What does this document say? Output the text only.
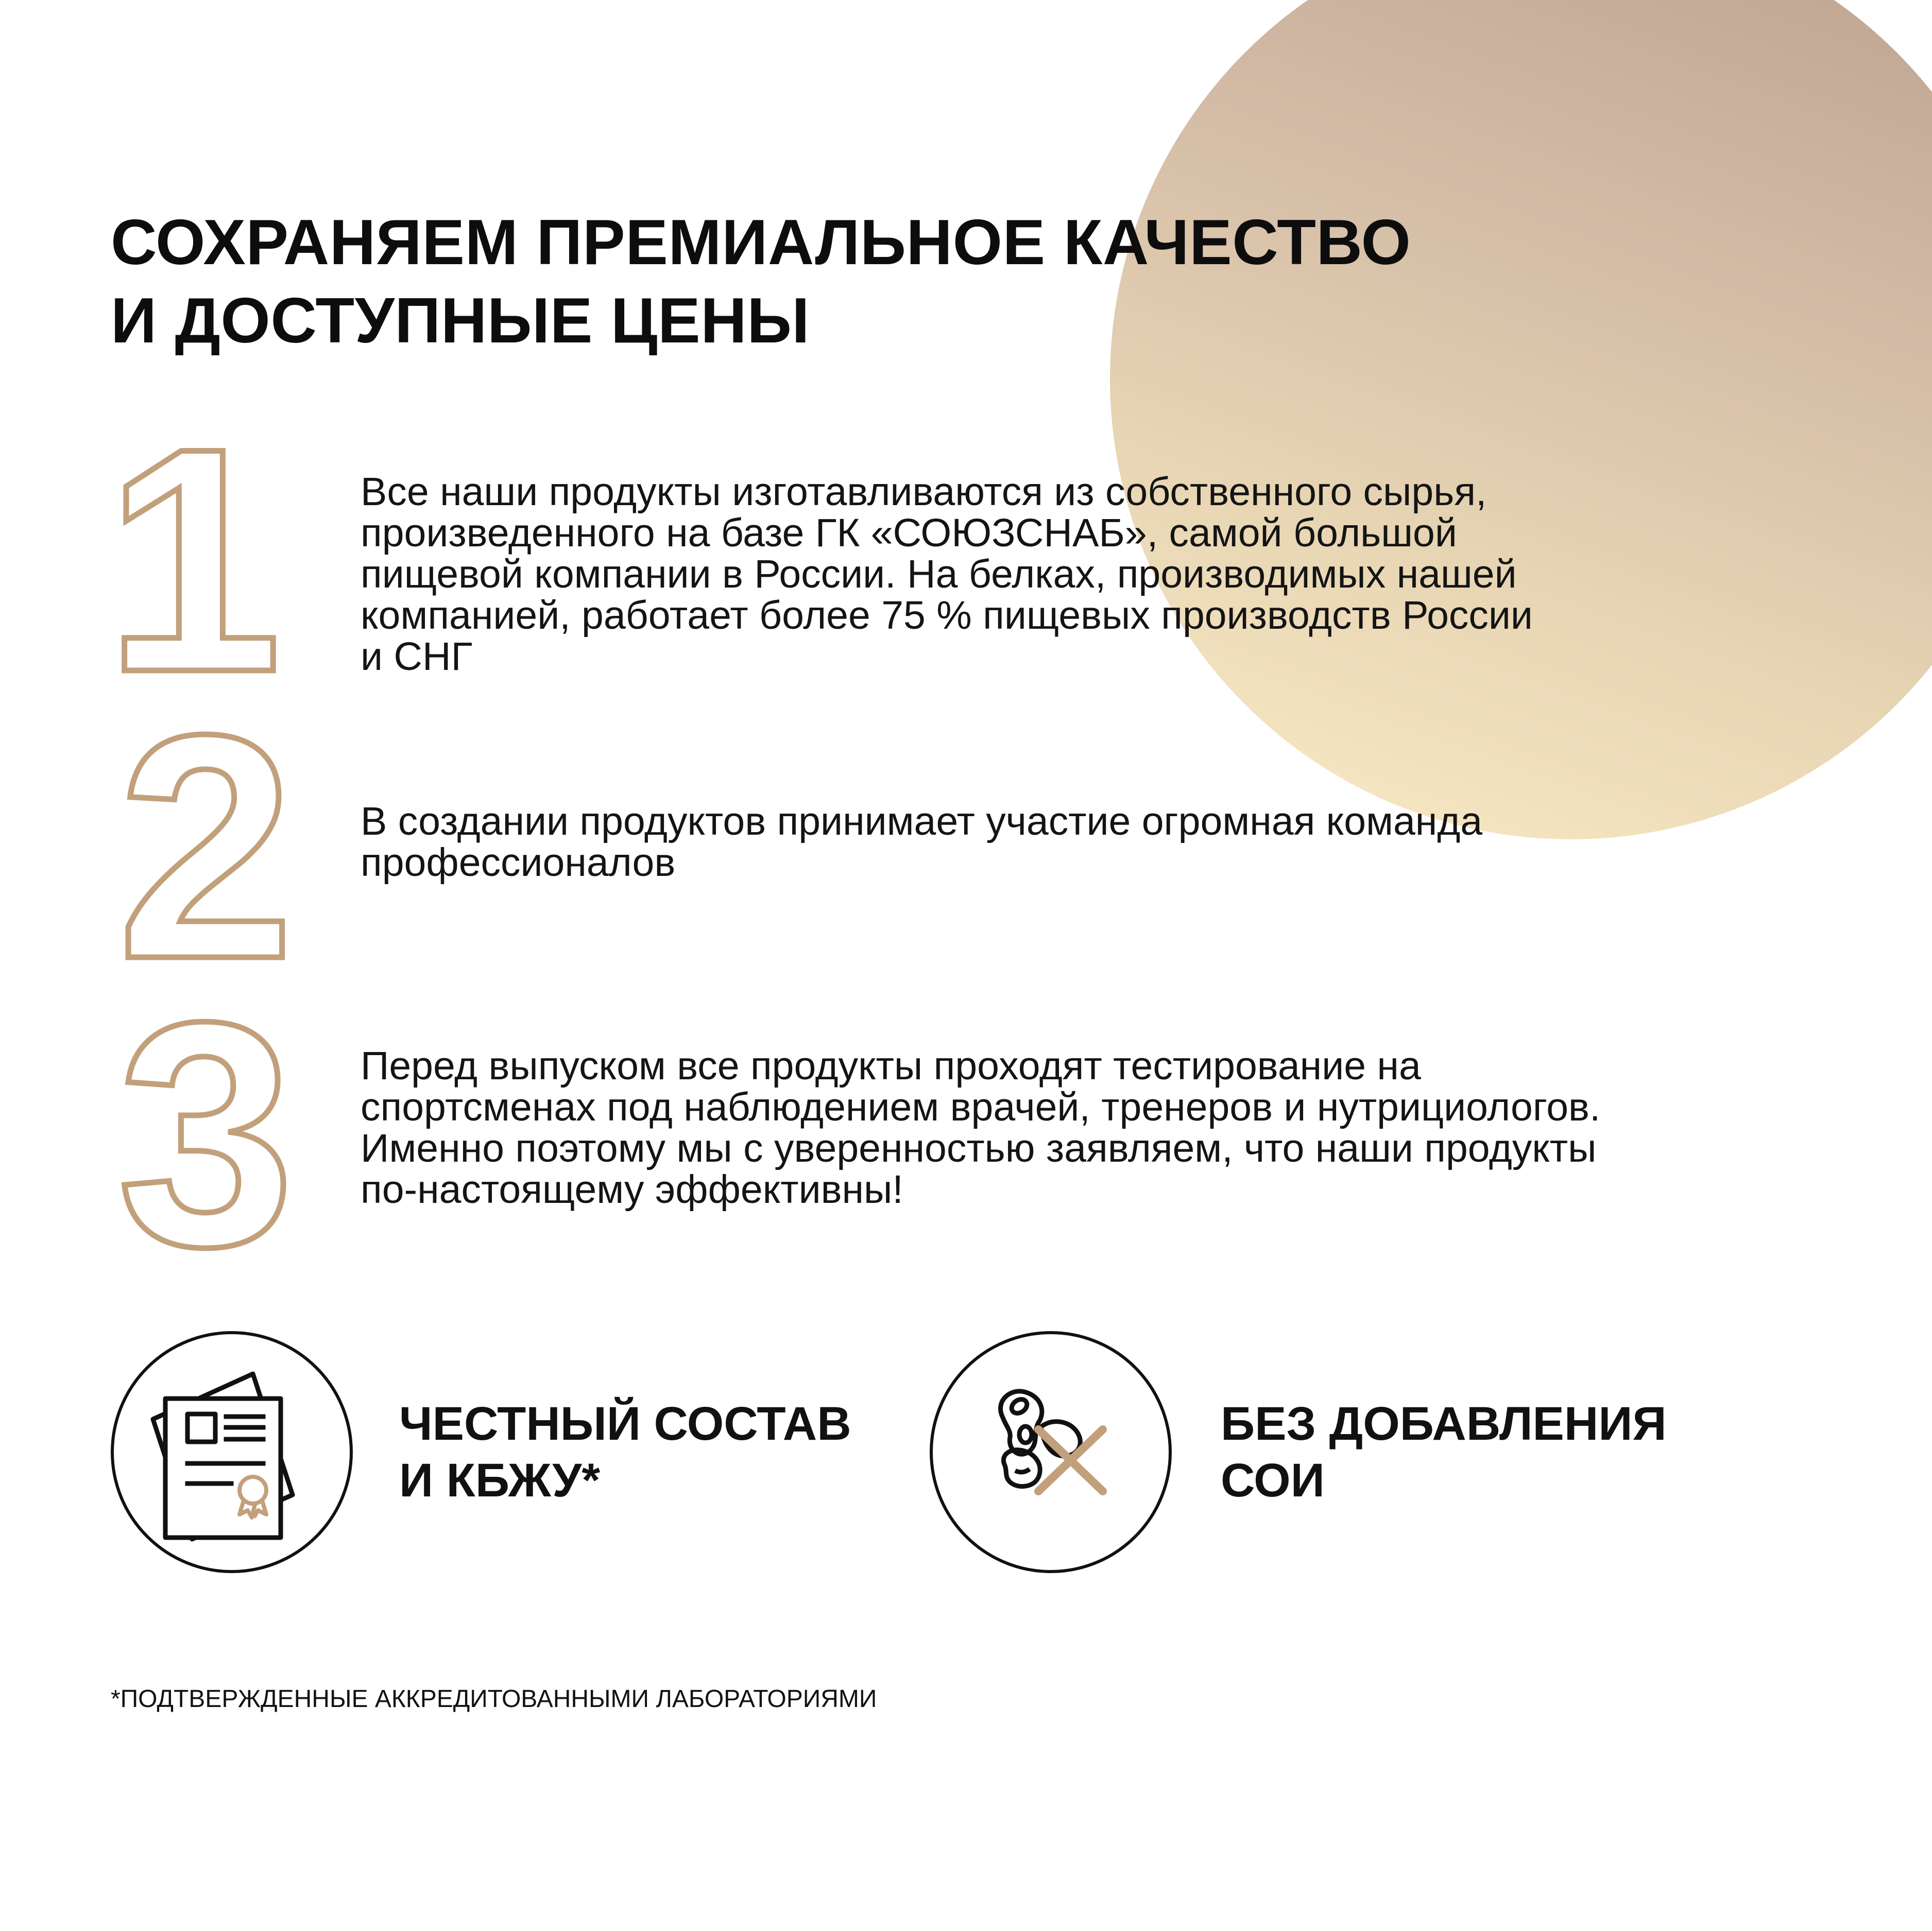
СОХРАНЯЕМ ПРЕМИАЛЬНОЕ КАЧЕСТВО
И ДОСТУПНЫЕ ЦЕНЫ
1	Все наши продукты изготавливаются из собственного сырья,
произведенного на базе ГК «СОЮЗСНАБ», самой большой
пищевой компании в России. На белках, производимых нашей
компанией, работает более 75 % пищевых производств России
и СНГ

2	В создании продуктов принимает участие огромная команда
профессионалов

3	Перед выпуском все продукты проходят тестирование на
спортсменах под наблюдением врачей, тренеров и нутрициологов.
Именно поэтому мы с уверенностью заявляем, что наши продукты
по-настоящему эффективны!

ЧЕСТНЫЙ СОСТАВ
И КБЖУ*
БЕЗ ДОБАВЛЕНИЯ
СОИ
*ПОДТВЕРЖДЕННЫЕ АККРЕДИТОВАННЫМИ ЛАБОРАТОРИЯМИ
